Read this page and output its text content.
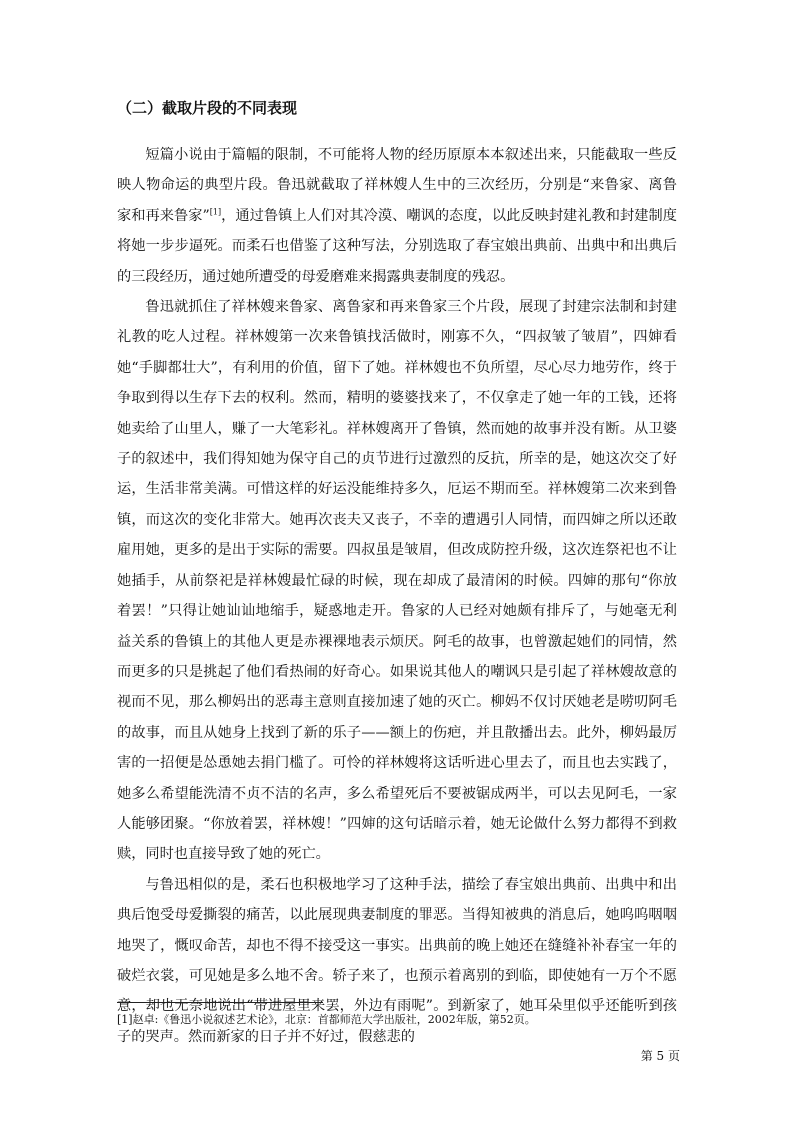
（二）截取片段的不同表现

短篇小说由于篇幅的限制，不可能将人物的经历原原本本叙述出来，只能截取一些反映人物命运的典型片段。鲁迅就截取了祥林嫂人生中的三次经历，分别是“来鲁家、离鲁家和再来鲁家”[1]，通过鲁镇上人们对其冷漠、嘲讽的态度，以此反映封建礼教和封建制度将她一步步逼死。而柔石也借鉴了这种写法，分别选取了春宝娘出典前、出典中和出典后的三段经历，通过她所遭受的母爱磨难来揭露典妻制度的残忍。

鲁迅就抓住了祥林嫂来鲁家、离鲁家和再来鲁家三个片段，展现了封建宗法制和封建礼教的吃人过程。祥林嫂第一次来鲁镇找活做时，刚寡不久，“四叔皱了皱眉”，四婶看她“手脚都壮大”，有利用的价值，留下了她。祥林嫂也不负所望，尽心尽力地劳作，终于争取到得以生存下去的权利。然而，精明的婆婆找来了，不仅拿走了她一年的工钱，还将她卖给了山里人，赚了一大笔彩礼。祥林嫂离开了鲁镇，然而她的故事并没有断。从卫婆子的叙述中，我们得知她为保守自己的贞节进行过激烈的反抗，所幸的是，她这次交了好运，生活非常美满。可惜这样的好运没能维持多久，厄运不期而至。祥林嫂第二次来到鲁镇，而这次的变化非常大。她再次丧夫又丧子，不幸的遭遇引人同情，而四婶之所以还敢雇用她，更多的是出于实际的需要。四叔虽是皱眉，但改成防控升级，这次连祭祀也不让她插手，从前祭祀是祥林嫂最忙碌的时候，现在却成了最清闲的时候。四婶的那句“你放着罢！”只得让她讪讪地缩手，疑惑地走开。鲁家的人已经对她颇有排斥了，与她毫无利益关系的鲁镇上的其他人更是赤裸裸地表示烦厌。阿毛的故事，也曾激起她们的同情，然而更多的只是挑起了他们看热闹的好奇心。如果说其他人的嘲讽只是引起了祥林嫂故意的视而不见，那么柳妈出的恶毒主意则直接加速了她的灭亡。柳妈不仅讨厌她老是唠叨阿毛的故事，而且从她身上找到了新的乐子——额上的伤疤，并且散播出去。此外，柳妈最厉害的一招便是怂恿她去捐门槛了。可怜的祥林嫂将这话听进心里去了，而且也去实践了，她多么希望能洗清不贞不洁的名声，多么希望死后不要被锯成两半，可以去见阿毛，一家人能够团聚。“你放着罢，祥林嫂！”四婶的这句话暗示着，她无论做什么努力都得不到救赎，同时也直接导致了她的死亡。

与鲁迅相似的是，柔石也积极地学习了这种手法，描绘了春宝娘出典前、出典中和出典后饱受母爱撕裂的痛苦，以此展现典妻制度的罪恶。当得知被典的消息后，她呜呜咽咽地哭了，慨叹命苦，却也不得不接受这一事实。出典前的晚上她还在缝缝补补春宝一年的破烂衣裳，可见她是多么地不舍。轿子来了，也预示着离别的到临，即使她有一万个不愿意，却也无奈地说出“带进屋里来罢，外边有雨呢”。到新家了，她耳朵里似乎还能听到孩子的哭声。然而新家的日子并不好过，假慈悲的

[1]赵卓:《鲁迅小说叙述艺术论》，北京：首都师范大学出版社，2002年版，第52页。

第 5 页
